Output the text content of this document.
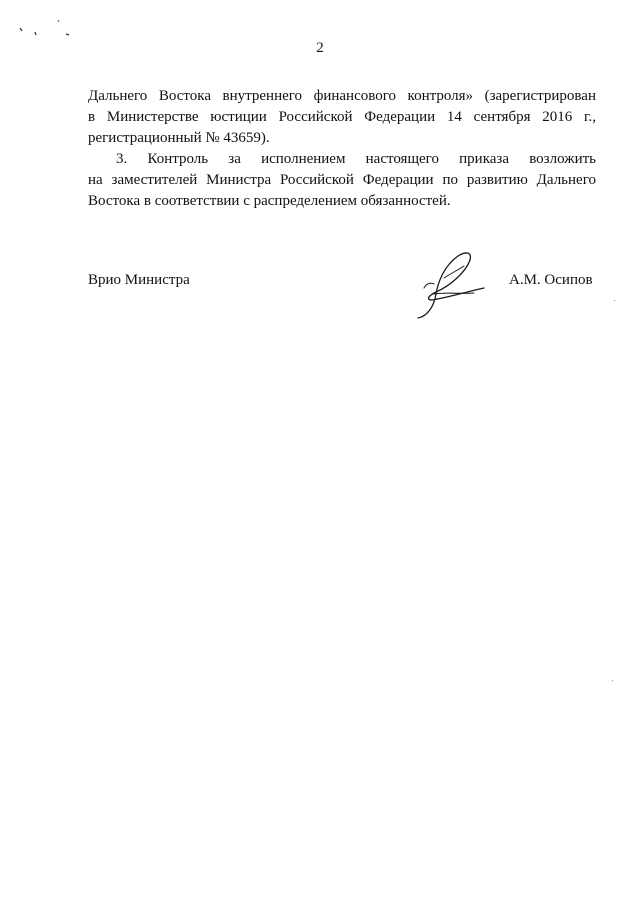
2

Дальнего Востока внутреннего финансового контроля» (зарегистрирован
в Министерстве юстиции Российской Федерации 14 сентября 2016 г.,
регистрационный № 43659).

3. Контроль за исполнением настоящего приказа возложить
на заместителей Министра Российской Федерации по развитию Дальнего
Востока в соответствии с распределением обязанностей.

Врио Министра	А.М. Осипов
